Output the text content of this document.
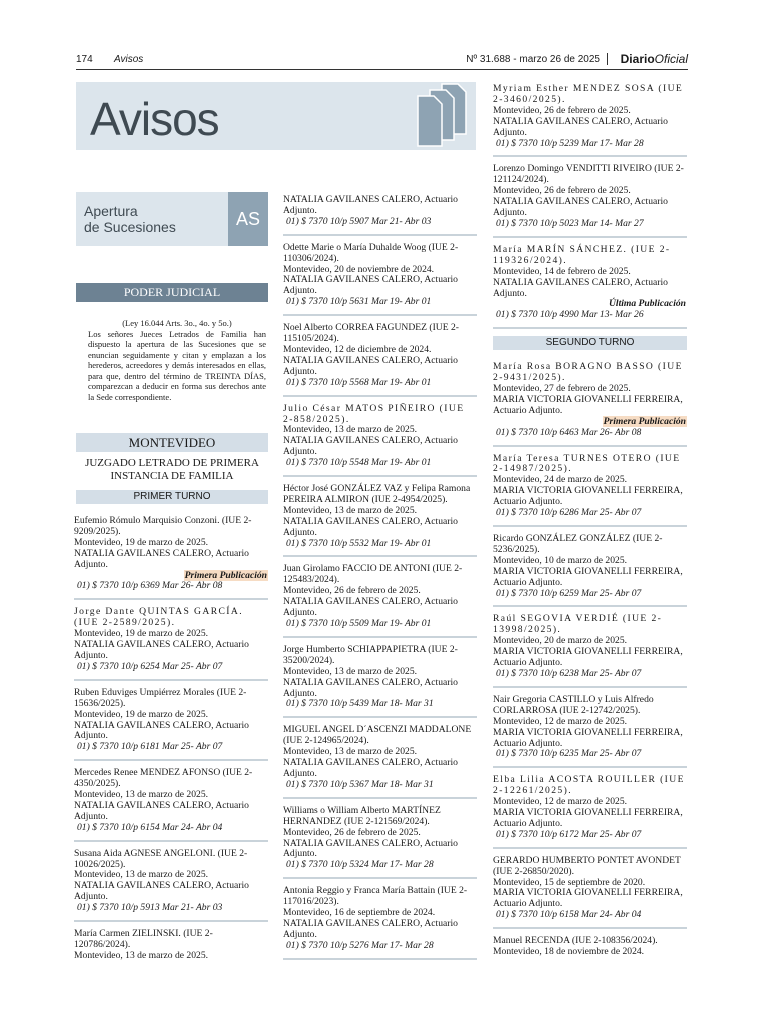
174 Avisos	Nº 31.688 - marzo 26 de 2025 DiarioOficial
Avisos
Apertura
de Sucesiones	AS
PODER JUDICIAL
(Ley 16.044 Arts. 3o., 4o. y 5o.)
Los señores Jueces Letrados de Familia han dispuesto la apertura de las Sucesiones que se enuncian seguidamente y citan y emplazan a los herederos, acreedores y demás interesados en ellas, para que, dentro del término de TREINTA DÍAS, comparezcan a deducir en forma sus derechos ante la Sede correspondiente.
MONTEVIDEO
JUZGADO LETRADO DE PRIMERA
INSTANCIA DE FAMILIA
PRIMER TURNO

Eufemio Rómulo Marquisio Conzoni. (IUE 2-9209/2025).

Montevideo, 19 de marzo de 2025.

NATALIA GAVILANES CALERO, Actuario Adjunto.

Primera Publicación

01) $ 7370 10/p 6369 Mar 26- Abr 08

Jorge Dante QUINTAS GARCÍA. (IUE 2-2589/2025).

Montevideo, 19 de marzo de 2025.

NATALIA GAVILANES CALERO, Actuario Adjunto.

01) $ 7370 10/p 6254 Mar 25- Abr 07

Ruben Eduviges Umpiérrez Morales (IUE 2-15636/2025).

Montevideo, 19 de marzo de 2025.

NATALIA GAVILANES CALERO, Actuario Adjunto.

01) $ 7370 10/p 6181 Mar 25- Abr 07

Mercedes Renee MENDEZ AFONSO (IUE 2-4350/2025).

Montevideo, 13 de marzo de 2025.

NATALIA GAVILANES CALERO, Actuario Adjunto.

01) $ 7370 10/p 6154 Mar 24- Abr 04

Susana Aida AGNESE ANGELONI. (IUE 2-10026/2025).

Montevideo, 13 de marzo de 2025.

NATALIA GAVILANES CALERO, Actuario Adjunto.

01) $ 7370 10/p 5913 Mar 21- Abr 03

María Carmen ZIELINSKI. (IUE 2-120786/2024).

Montevideo, 13 de marzo de 2025.

NATALIA GAVILANES CALERO, Actuario Adjunto.

01) $ 7370 10/p 5907 Mar 21- Abr 03

Odette Marie o María Duhalde Woog (IUE 2-110306/2024).

Montevideo, 20 de noviembre de 2024.

NATALIA GAVILANES CALERO, Actuario Adjunto.

01) $ 7370 10/p 5631 Mar 19- Abr 01

Noel Alberto CORREA FAGUNDEZ (IUE 2-115105/2024).

Montevideo, 12 de diciembre de 2024.

NATALIA GAVILANES CALERO, Actuario Adjunto.

01) $ 7370 10/p 5568 Mar 19- Abr 01

Julio César MATOS PIÑEIRO (IUE 2-858/2025).

Montevideo, 13 de marzo de 2025.

NATALIA GAVILANES CALERO, Actuario Adjunto.

01) $ 7370 10/p 5548 Mar 19- Abr 01

Héctor José GONZÁLEZ VAZ y Felipa Ramona PEREIRA ALMIRON (IUE 2-4954/2025).

Montevideo, 13 de marzo de 2025.

NATALIA GAVILANES CALERO, Actuario Adjunto.

01) $ 7370 10/p 5532 Mar 19- Abr 01

Juan Girolamo FACCIO DE ANTONI (IUE 2-125483/2024).

Montevideo, 26 de febrero de 2025.

NATALIA GAVILANES CALERO, Actuario Adjunto.

01) $ 7370 10/p 5509 Mar 19- Abr 01

Jorge Humberto SCHIAPPAPIETRA (IUE 2-35200/2024).

Montevideo, 13 de marzo de 2025.

NATALIA GAVILANES CALERO, Actuario Adjunto.

01) $ 7370 10/p 5439 Mar 18- Mar 31

MIGUEL ANGEL D´ASCENZI MADDALONE (IUE 2-124965/2024).

Montevideo, 13 de marzo de 2025.

NATALIA GAVILANES CALERO, Actuario Adjunto.

01) $ 7370 10/p 5367 Mar 18- Mar 31

Williams o William Alberto MARTÍNEZ HERNANDEZ (IUE 2-121569/2024).

Montevideo, 26 de febrero de 2025.

NATALIA GAVILANES CALERO, Actuario Adjunto.

01) $ 7370 10/p 5324 Mar 17- Mar 28

Antonia Reggio y Franca María Battain (IUE 2-117016/2023).

Montevideo, 16 de septiembre de 2024.

NATALIA GAVILANES CALERO, Actuario Adjunto.

01) $ 7370 10/p 5276 Mar 17- Mar 28

Myriam Esther MENDEZ SOSA (IUE 2-3460/2025).

Montevideo, 26 de febrero de 2025.

NATALIA GAVILANES CALERO, Actuario Adjunto.

01) $ 7370 10/p 5239 Mar 17- Mar 28

Lorenzo Domingo VENDITTI RIVEIRO (IUE 2-121124/2024).

Montevideo, 26 de febrero de 2025.

NATALIA GAVILANES CALERO, Actuario Adjunto.

01) $ 7370 10/p 5023 Mar 14- Mar 27

María MARÍN SÁNCHEZ. (IUE 2-119326/2024).

Montevideo, 14 de febrero de 2025.

NATALIA GAVILANES CALERO, Actuario Adjunto.

Última Publicación

01) $ 7370 10/p 4990 Mar 13- Mar 26

SEGUNDO TURNO

María Rosa BORAGNO BASSO (IUE 2-9431/2025).

Montevideo, 27 de febrero de 2025.

MARIA VICTORIA GIOVANELLI FERREIRA, Actuario Adjunto.

Primera Publicación

01) $ 7370 10/p 6463 Mar 26- Abr 08

María Teresa TURNES OTERO (IUE 2-14987/2025).

Montevideo, 24 de marzo de 2025.

MARIA VICTORIA GIOVANELLI FERREIRA, Actuario Adjunto.

01) $ 7370 10/p 6286 Mar 25- Abr 07

Ricardo GONZÁLEZ GONZÁLEZ (IUE 2-5236/2025).

Montevideo, 10 de marzo de 2025.

MARIA VICTORIA GIOVANELLI FERREIRA, Actuario Adjunto.

01) $ 7370 10/p 6259 Mar 25- Abr 07

Raúl SEGOVIA VERDIÉ (IUE 2-13998/2025).

Montevideo, 20 de marzo de 2025.

MARIA VICTORIA GIOVANELLI FERREIRA, Actuario Adjunto.

01) $ 7370 10/p 6238 Mar 25- Abr 07

Nair Gregoria CASTILLO y Luis Alfredo CORLARROSA (IUE 2-12742/2025).

Montevideo, 12 de marzo de 2025.

MARIA VICTORIA GIOVANELLI FERREIRA, Actuario Adjunto.

01) $ 7370 10/p 6235 Mar 25- Abr 07

Elba Lilia ACOSTA ROUILLER (IUE 2-12261/2025).

Montevideo, 12 de marzo de 2025.

MARIA VICTORIA GIOVANELLI FERREIRA, Actuario Adjunto.

01) $ 7370 10/p 6172 Mar 25- Abr 07

GERARDO HUMBERTO PONTET AVONDET (IUE 2-26850/2020).

Montevideo, 15 de septiembre de 2020.

MARIA VICTORIA GIOVANELLI FERREIRA, Actuario Adjunto.

01) $ 7370 10/p 6158 Mar 24- Abr 04

Manuel RECENDA (IUE 2-108356/2024).

Montevideo, 18 de noviembre de 2024.
